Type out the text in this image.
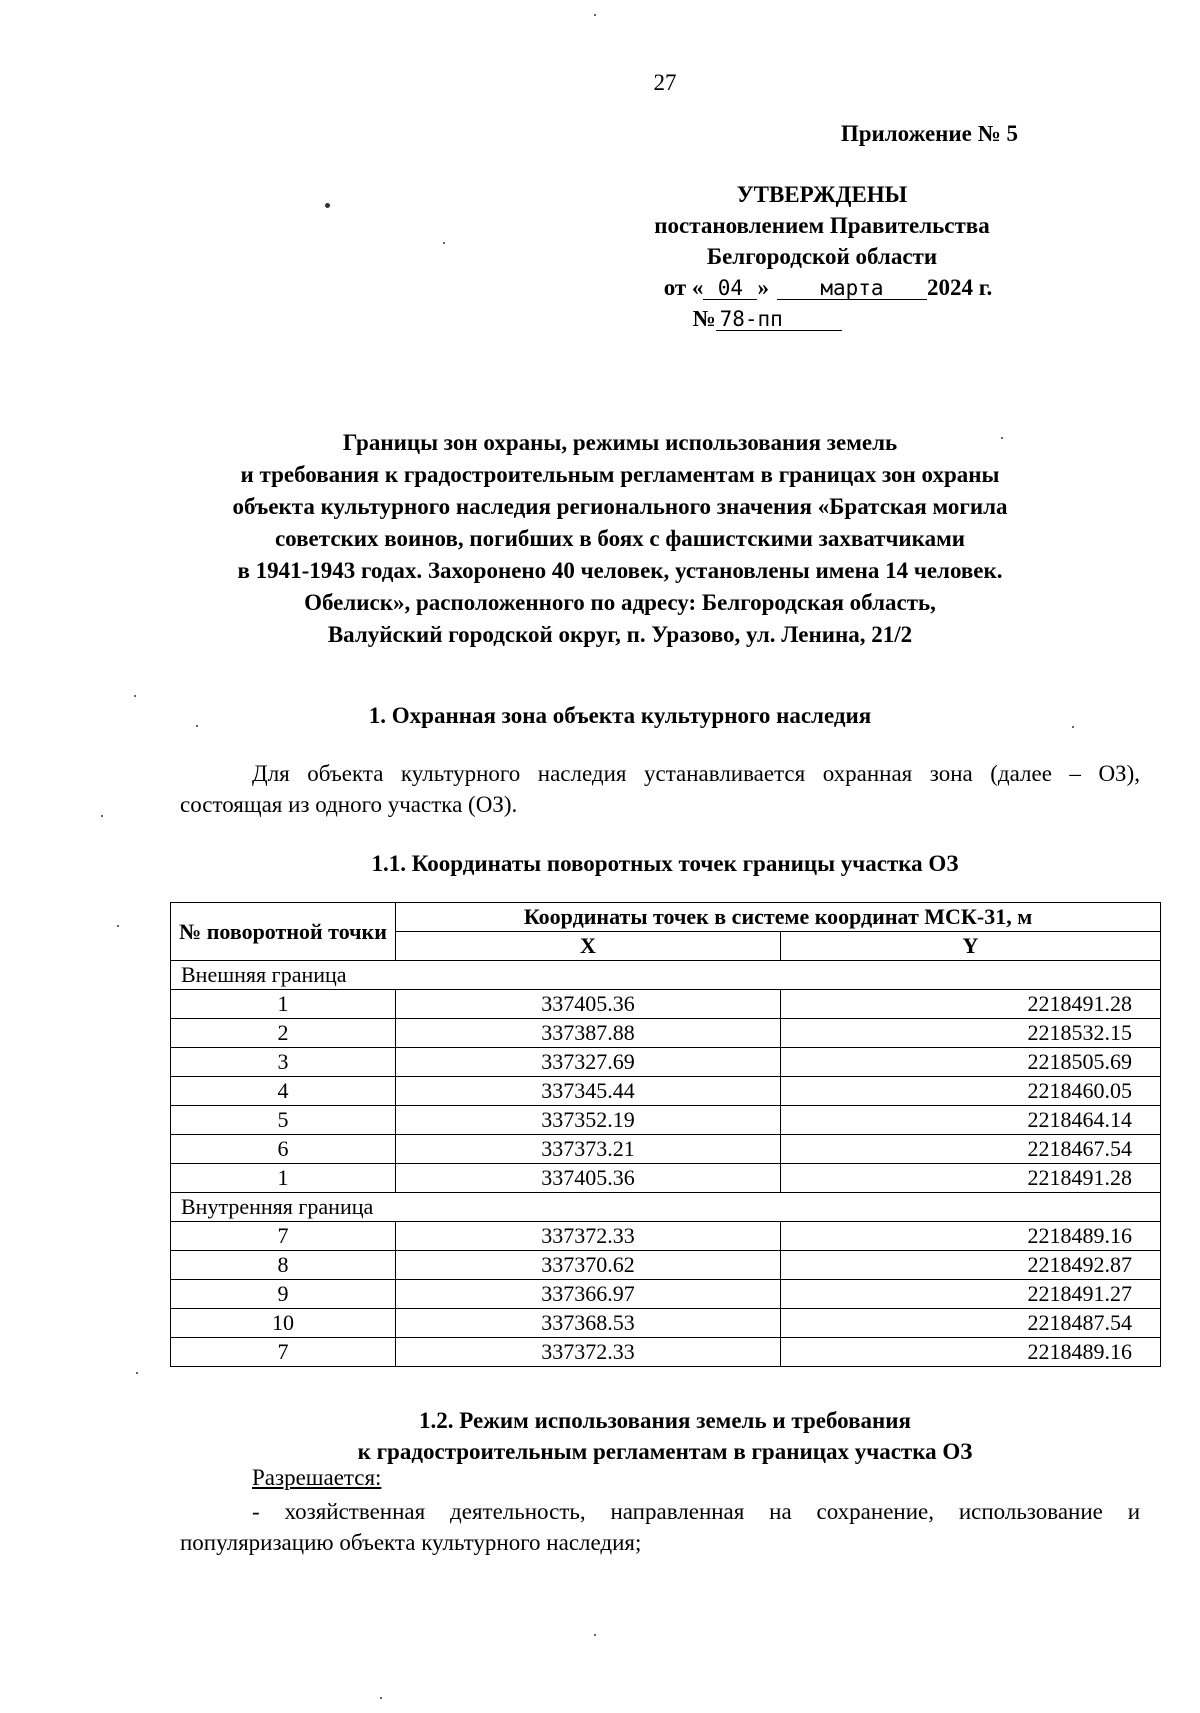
27
Приложение № 5
УТВЕРЖДЕНЫ
постановлением Правительства
Белгородской области
от « 04 » марта 2024 г.
№ 78-пп
Границы зон охраны, режимы использования земель
и требования к градостроительным регламентам в границах зон охраны
объекта культурного наследия регионального значения «Братская могила
советских воинов, погибших в боях с фашистскими захватчиками
в 1941-1943 годах. Захоронено 40 человек, установлены имена 14 человек.
Обелиск», расположенного по адресу: Белгородская область,
Валуйский городской округ, п. Уразово, ул. Ленина, 21/2
1. Охранная зона объекта культурного наследия
Для объекта культурного наследия устанавливается охранная зона (далее – ОЗ), состоящая из одного участка (ОЗ).
1.1. Координаты поворотных точек границы участка ОЗ
№ поворотной точки	Координаты точек в системе координат МСК-31, м	
	X	Y
Внешняя граница		
1	337405.36	2218491.28
2	337387.88	2218532.15
3	337327.69	2218505.69
4	337345.44	2218460.05
5	337352.19	2218464.14
6	337373.21	2218467.54
1	337405.36	2218491.28
Внутренняя граница		
7	337372.33	2218489.16
8	337370.62	2218492.87
9	337366.97	2218491.27
10	337368.53	2218487.54
7	337372.33	2218489.16
1.2. Режим использования земель и требования
к градостроительным регламентам в границах участка ОЗ
Разрешается:
- хозяйственная деятельность, направленная на сохранение, использование и популяризацию объекта культурного наследия;
